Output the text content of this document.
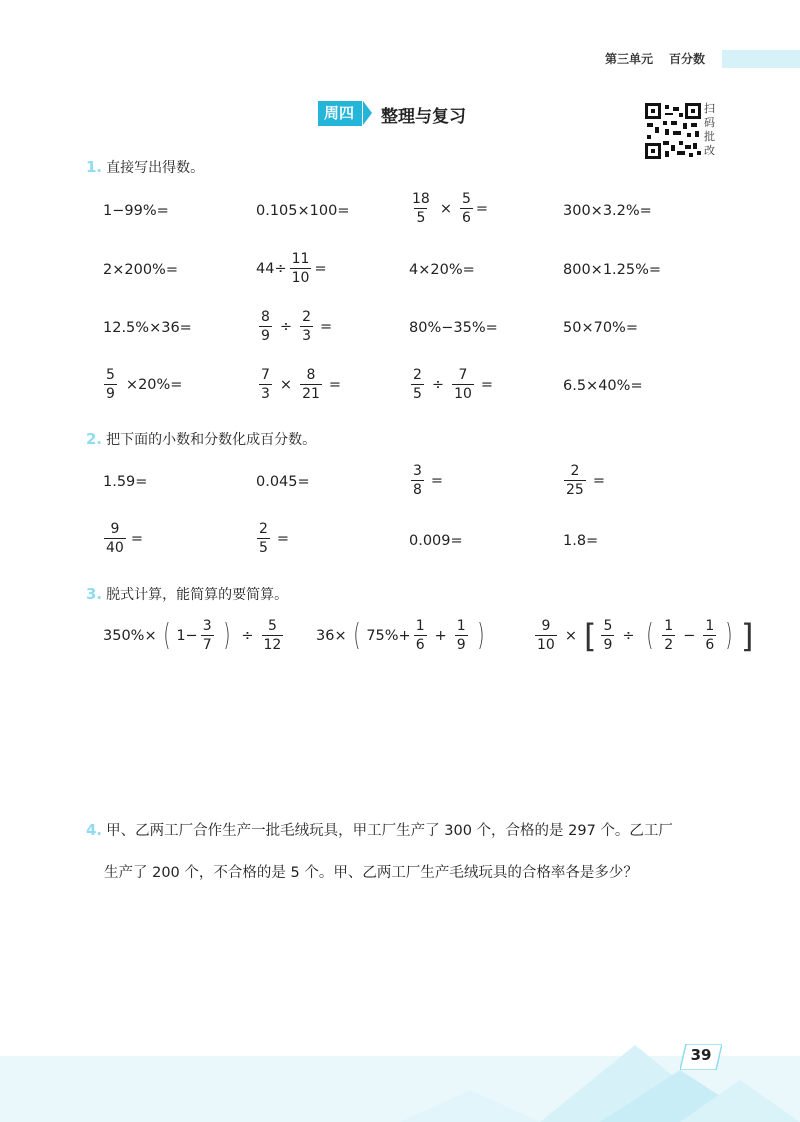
第三单元 百分数
周四	整理与复习	扫
码
批
改
1. 直接写出得数。
1−99%=	0.105×100=	$\frac{18}{5} \times \frac{5}{6}$ =	300×3.2%=
2×200%=	$44\div \frac{11}{10}$ =	4×20%=	800×1.25%=
12.5%×36=	$\frac{8}{9} \div \frac{2}{3}$ =	80%−35%=	50×70%=
$\frac{5}{9} \times 20\%=$	$\frac{7}{3} \times \frac{8}{21}$ =	$\frac{2}{5} \div \frac{7}{10}$ =	6.5×40%=
2. 把下面的小数和分数化成百分数。
1.59=	0.045=	$\frac{3}{8}$ =	$\frac{2}{25}$ =
$\frac{9}{40}$ =	$\frac{2}{5}$ =	0.009=	1.8=
3. 脱式计算，能简算的要简算。
350%× ( $1- \frac{3}{7}$ ) ÷ $\frac{5}{12} 36\times$ ( $75\%+ \frac{1}{6} + \frac{1}{9}$ )	$\frac{9}{10}$ × [ $\frac{5}{9}$ ÷ ( $\frac{1}{2} - \frac{1}{6}$ ) ]
4. 甲、乙两工厂合作生产一批毛绒玩具，甲工厂生产了 300 个，合格的是 297 个。乙工厂
生产了 200 个，不合格的是 5 个。甲、乙两工厂生产毛绒玩具的合格率各是多少？
39
